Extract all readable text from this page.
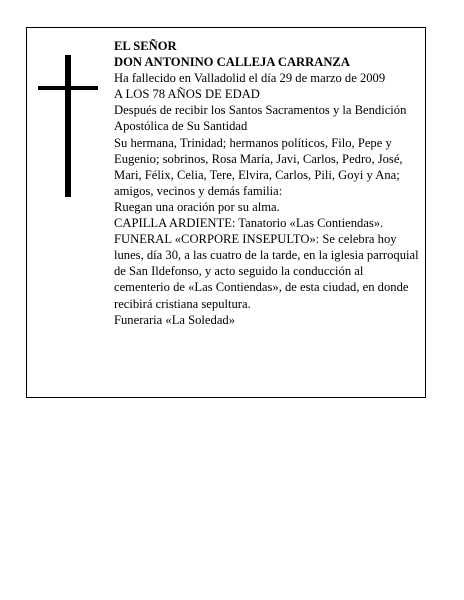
EL SEÑOR

DON ANTONINO CALLEJA CARRANZA

Ha fallecido en Valladolid el día 29 de marzo de 2009

A LOS 78 AÑOS DE EDAD

Después de recibir los Santos Sacramentos y la Bendición Apostólica de Su Santidad

Su hermana, Trinidad; hermanos políticos, Filo, Pepe y Eugenio; sobrinos, Rosa María, Javi, Carlos, Pedro, José, Mari, Félix, Celia, Tere, Elvira, Carlos, Pili, Goyi y Ana; amigos, vecinos y demás familia:

Ruegan una oración por su alma.

CAPILLA ARDIENTE: Tanatorio «Las Contiendas».

FUNERAL «CORPORE INSEPULTO»: Se celebra hoy lunes, día 30, a las cuatro de la tarde, en la iglesia parroquial de San Ildefonso, y acto seguido la conducción al cementerio de «Las Contiendas», de esta ciudad, en donde recibirá cristiana sepultura.

Funeraria «La Soledad»
